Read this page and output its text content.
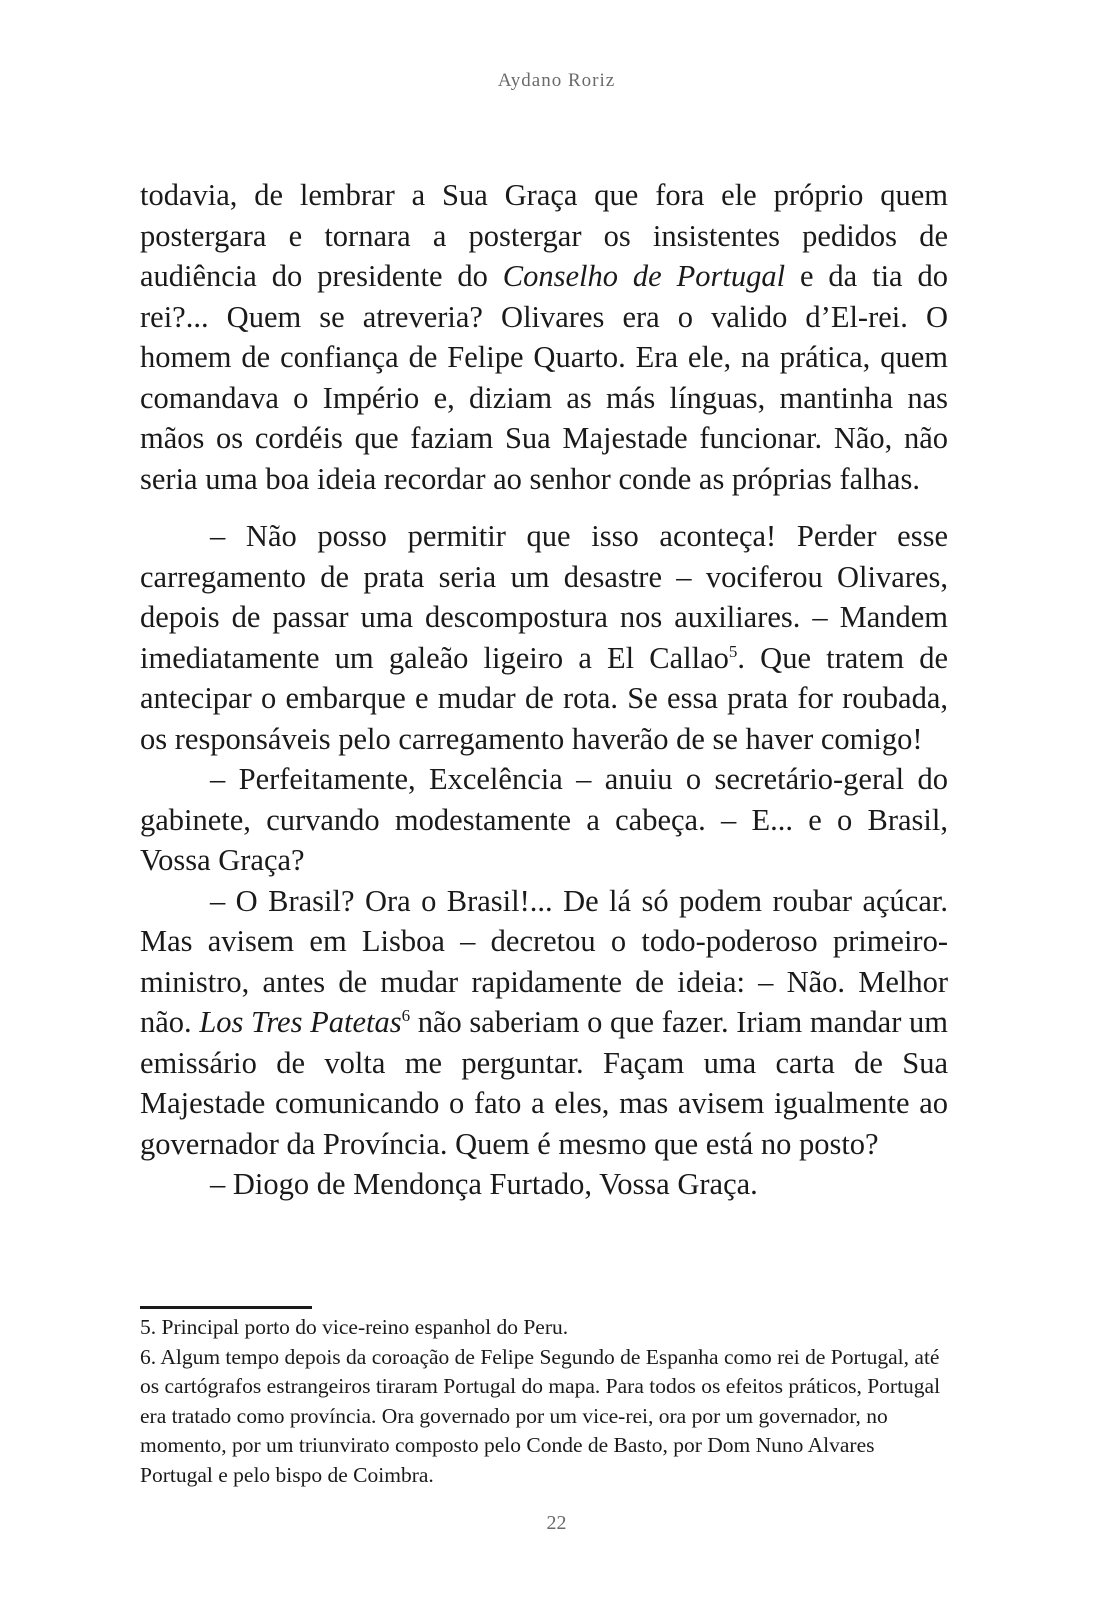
Aydano Roriz

todavia, de lembrar a Sua Graça que fora ele próprio quem postergara e tornara a postergar os insistentes pedidos de audiência do presidente do Conselho de Portugal e da tia do rei?... Quem se atreveria? Olivares era o valido d’El-rei. O homem de confiança de Felipe Quarto. Era ele, na prática, quem comandava o Império e, diziam as más línguas, mantinha nas mãos os cordéis que faziam Sua Majestade funcionar. Não, não seria uma boa ideia recordar ao senhor conde as próprias falhas.

– Não posso permitir que isso aconteça! Perder esse carregamento de prata seria um desastre – vociferou Olivares, depois de passar uma descompostura nos auxiliares. – Mandem imediatamente um galeão ligeiro a El Callao$^5$. Que tratem de antecipar o embarque e mudar de rota. Se essa prata for roubada, os responsáveis pelo carregamento haverão de se haver comigo!

– Perfeitamente, Excelência – anuiu o secretário-geral do gabinete, curvando modestamente a cabeça. – E... e o Brasil, Vossa Graça?

– O Brasil? Ora o Brasil!... De lá só podem roubar açúcar. Mas avisem em Lisboa – decretou o todo-poderoso primeiro-ministro, antes de mudar rapidamente de ideia: – Não. Melhor não. Los Tres Patetas$^6$ não saberiam o que fazer. Iriam mandar um emissário de volta me perguntar. Façam uma carta de Sua Majestade comunicando o fato a eles, mas avisem igualmente ao governador da Província. Quem é mesmo que está no posto?

– Diogo de Mendonça Furtado, Vossa Graça.

5. Principal porto do vice-reino espanhol do Peru.

6. Algum tempo depois da coroação de Felipe Segundo de Espanha como rei de Portugal, até os cartógrafos estrangeiros tiraram Portugal do mapa. Para todos os efeitos práticos, Portugal era tratado como província. Ora governado por um vice-rei, ora por um governador, no momento, por um triunvirato composto pelo Conde de Basto, por Dom Nuno Alvares Portugal e pelo bispo de Coimbra.

22
